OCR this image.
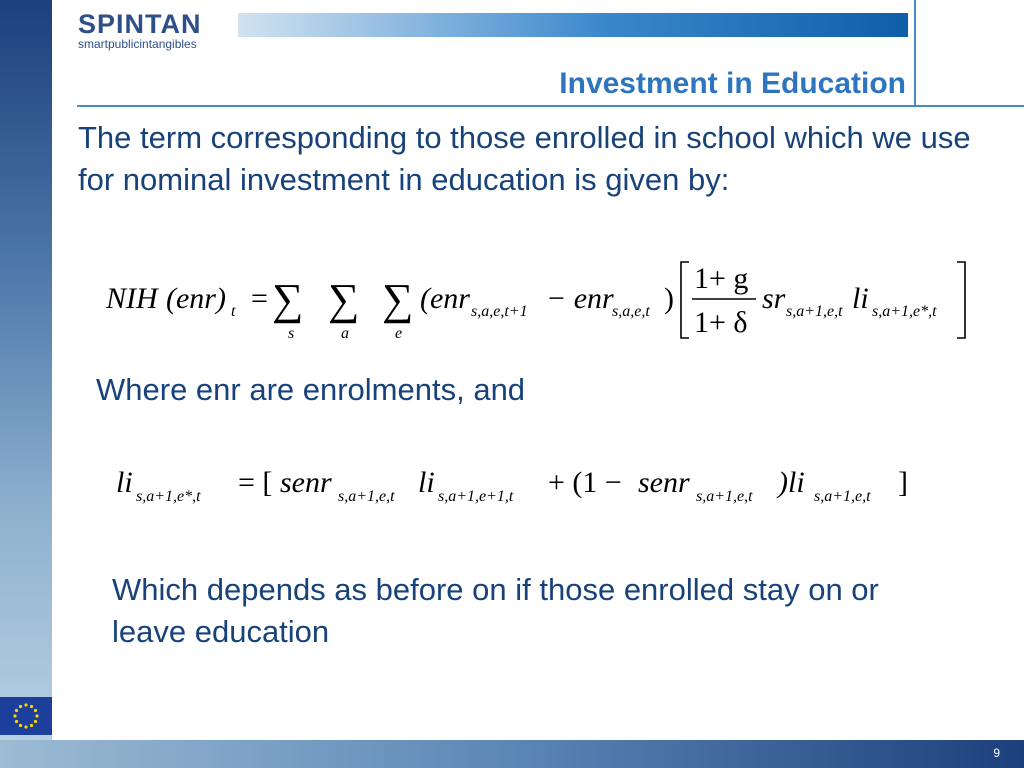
9
SPINTAN
smartpublicintangibles
Investment in Education
The term corresponding to those enrolled in school which we use for nominal investment in education is given by:
NIH (enr) t = ∑
s
∑
a
∑
e
(enr s,a,e,t+1 − enr
s,a,e,t )
1+ g
1+ δ
sr s,a+1,e,t li s,a+1,e*,t
Where enr are enrolments, and
li s,a+1,e*,t = [ senr s,a+1,e,t li s,a+1,e+1,t + (1 − senr s,a+1,e,t )li s,a+1,e,t ]
Which depends as before on if those enrolled stay on or leave education
